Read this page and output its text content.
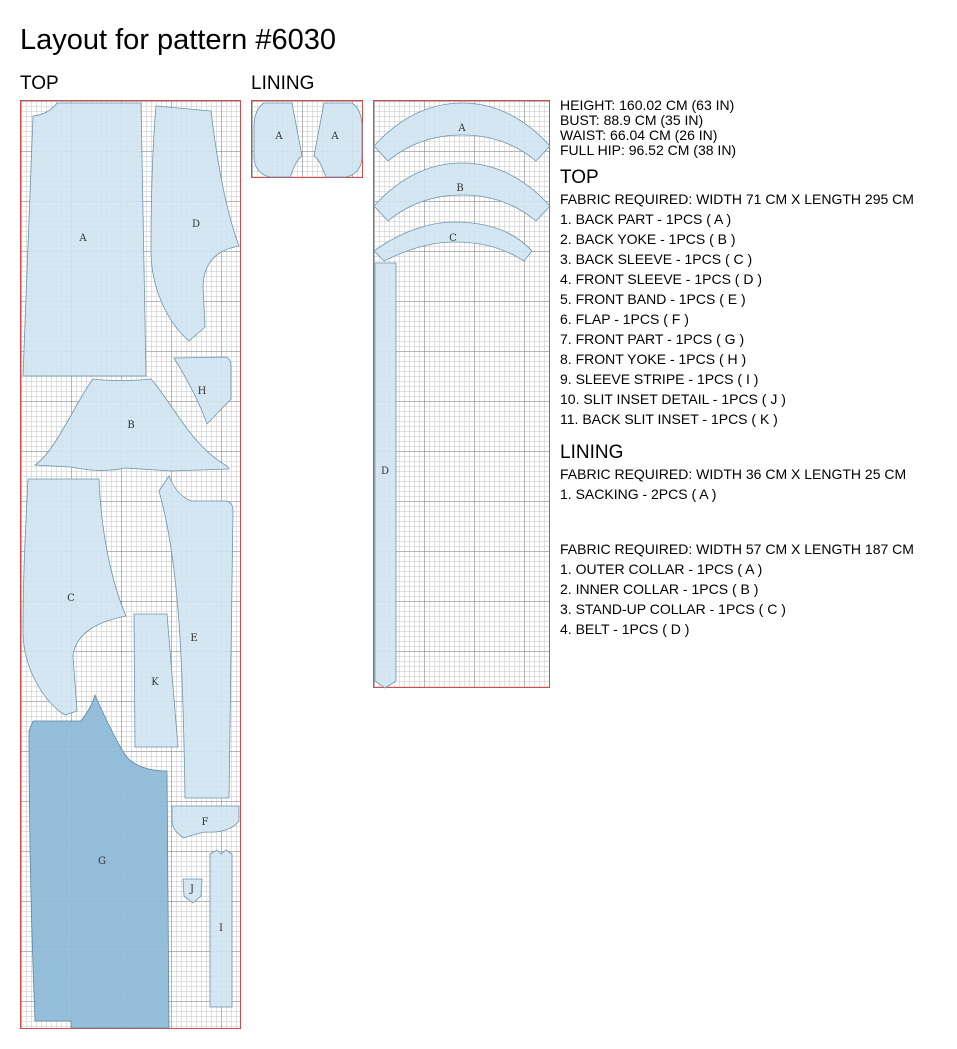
Layout for pattern #6030
TOP	LINING
A
D
H
B
C
E
K
G
F
J
I
A	A
A
B
C
D
HEIGHT: 160.02 CM (63 IN)
BUST: 88.9 CM (35 IN)
WAIST: 66.04 CM (26 IN)
FULL HIP: 96.52 CM (38 IN)
TOP
FABRIC REQUIRED: WIDTH 71 CM X LENGTH 295 CM
1. BACK PART - 1PCS ( A )
2. BACK YOKE - 1PCS ( B )
3. BACK SLEEVE - 1PCS ( C )
4. FRONT SLEEVE - 1PCS ( D )
5. FRONT BAND - 1PCS ( E )
6. FLAP - 1PCS ( F )
7. FRONT PART - 1PCS ( G )
8. FRONT YOKE - 1PCS ( H )
9. SLEEVE STRIPE - 1PCS ( I )
10. SLIT INSET DETAIL - 1PCS ( J )
11. BACK SLIT INSET - 1PCS ( K )
LINING
FABRIC REQUIRED: WIDTH 36 CM X LENGTH 25 CM
1. SACKING - 2PCS ( A )
FABRIC REQUIRED: WIDTH 57 CM X LENGTH 187 CM
1. OUTER COLLAR - 1PCS ( A )
2. INNER COLLAR - 1PCS ( B )
3. STAND-UP COLLAR - 1PCS ( C )
4. BELT - 1PCS ( D )
